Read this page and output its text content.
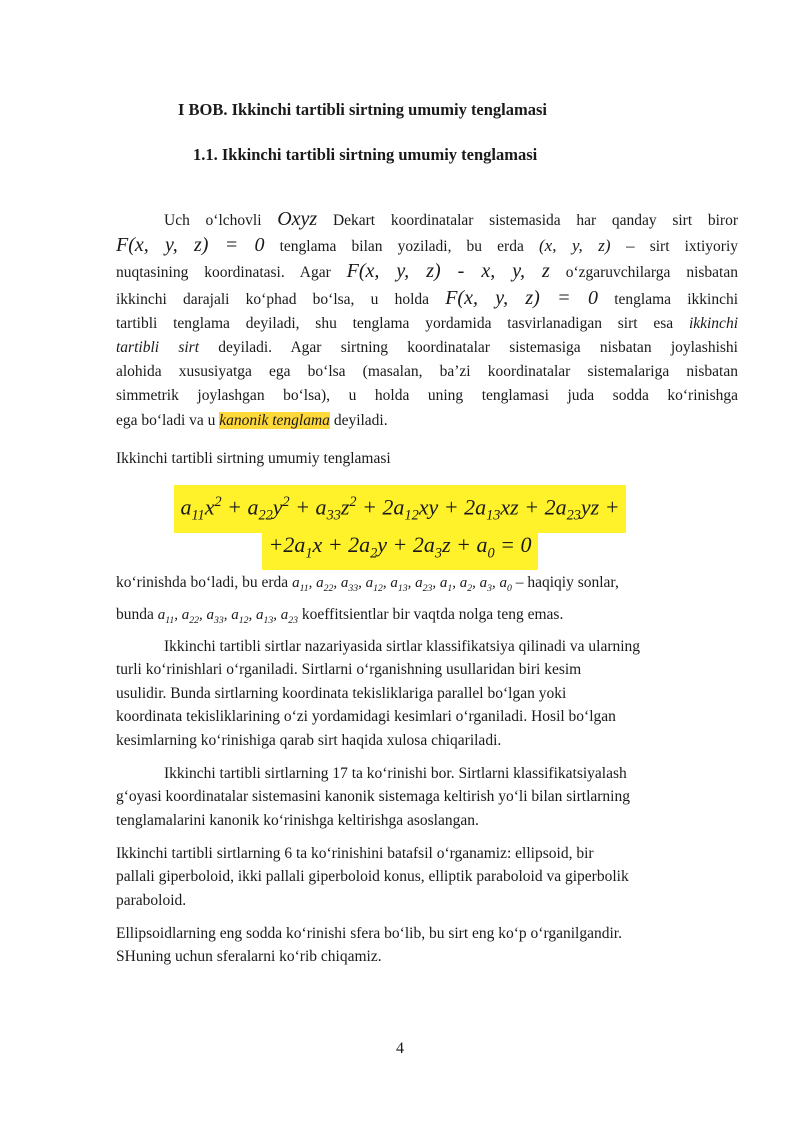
I BOB. Ikkinchi tartibli sirtning umumiy tenglamasi
1.1. Ikkinchi tartibli sirtning umumiy tenglamasi
Uch o‘lchovli Oxyz Dekart koordinatalar sistemasida har qanday sirt biror
F(x, y, z) = 0 tenglama bilan yoziladi, bu erda (x, y, z) – sirt ixtiyoriy
nuqtasining koordinatasi. Agar F(x, y, z) - x, y, z o‘zgaruvchilarga nisbatan
ikkinchi darajali ko‘phad bo‘lsa, u holda F(x, y, z) = 0 tenglama ikkinchi
tartibli tenglama deyiladi, shu tenglama yordamida tasvirlanadigan sirt esa ikkinchi
tartibli sirt deyiladi. Agar sirtning koordinatalar sistemasiga nisbatan joylashishi
alohida xususiyatga ega bo‘lsa (masalan, ba’zi koordinatalar sistemalariga nisbatan
simmetrik joylashgan bo‘lsa), u holda uning tenglamasi juda sodda ko‘rinishga
ega bo‘ladi va u kanonik tenglama deyiladi.
Ikkinchi tartibli sirtning umumiy tenglamasi
$a_{11}x^2 + a_{22}y^2 + a_{33}z^2 + 2a_{12}xy + 2a_{13}xz + 2a_{23}yz$ +
$+2a_1x + 2a_2y + 2a_3z + a_0 = 0$
ko‘rinishda bo‘ladi, bu erda $a_{11}$, $a_{22}$, $a_{33}$, $a_{12}$, $a_{13}$, $a_{23}$, $a_1$, $a_2$, $a_3$, $a_0$ – haqiqiy sonlar,
bunda $a_{11}$, $a_{22}$, $a_{33}$, $a_{12}$, $a_{13}$, $a_{23}$ koeffitsientlar bir vaqtda nolga teng emas.
Ikkinchi tartibli sirtlar nazariyasida sirtlar klassifikatsiya qilinadi va ularning
turli ko‘rinishlari o‘rganiladi. Sirtlarni o‘rganishning usullaridan biri kesim
usulidir. Bunda sirtlarning koordinata tekisliklariga parallel bo‘lgan yoki
koordinata tekisliklarining o‘zi yordamidagi kesimlari o‘rganiladi. Hosil bo‘lgan
kesimlarning ko‘rinishiga qarab sirt haqida xulosa chiqariladi.
Ikkinchi tartibli sirtlarning 17 ta ko‘rinishi bor. Sirtlarni klassifikatsiyalash
g‘oyasi koordinatalar sistemasini kanonik sistemaga keltirish yo‘li bilan sirtlarning
tenglamalarini kanonik ko‘rinishga keltirishga asoslangan.
Ikkinchi tartibli sirtlarning 6 ta ko‘rinishini batafsil o‘rganamiz: ellipsoid, bir
pallali giperboloid, ikki pallali giperboloid konus, elliptik paraboloid va giperbolik
paraboloid.
Ellipsoidlarning eng sodda ko‘rinishi sfera bo‘lib, bu sirt eng ko‘p o‘rganilgandir.
SHuning uchun sferalarni ko‘rib chiqamiz.
4
